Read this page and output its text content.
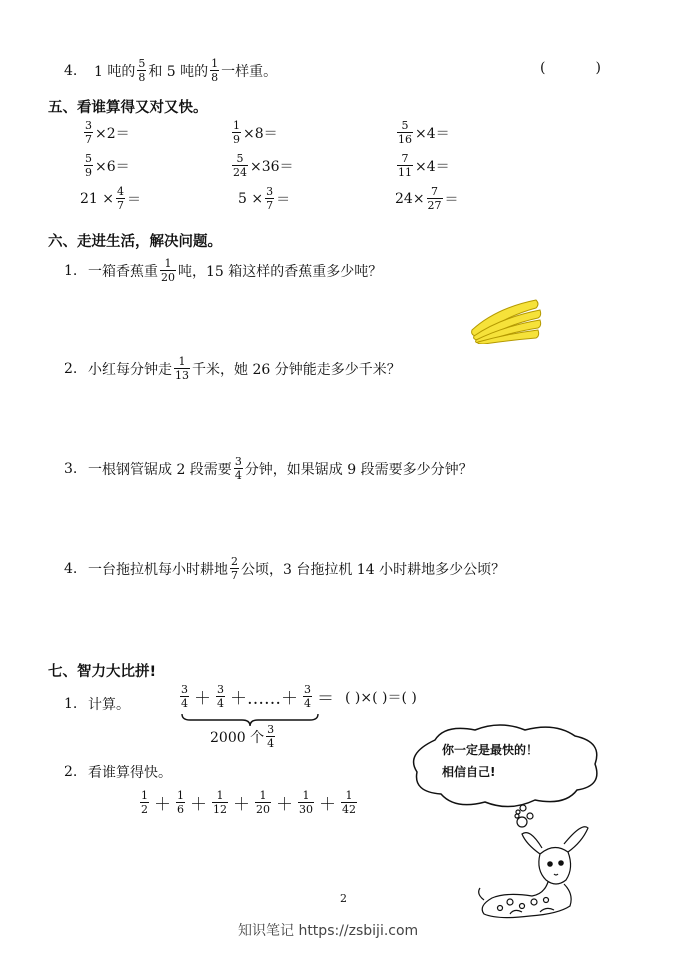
4.	1 吨的 $\frac{5}{8}$ 和 5 吨的 $\frac{1}{8}$ 一样重。	(	)
五、看谁算得又对又快。
$\frac{3}{7} \times 2=$	$\frac{1}{9} \times 8=$	$\frac{5}{16} \times 4=$
$\frac{5}{9} \times 6=$	$\frac{5}{24} \times 36=$	$\frac{7}{11} \times 4=$
$21 \times \frac{4}{7}$ ＝	$5 \times \frac{3}{7}$ ＝	$24\times \frac{7}{27}$ ＝
六、走进生活，解决问题。
1. 一箱香蕉重 $\frac{1}{20}$ 吨，15 箱这样的香蕉重多少吨？
2. 小红每分钟走 $\frac{1}{13}$ 千米，她 26 分钟能走多少千米？
3. 一根钢管锯成 2 段需要 $\frac{3}{4}$ 分钟，如果锯成 9 段需要多少分钟？
4. 一台拖拉机每小时耕地 $\frac{2}{7}$ 公顷，3 台拖拉机 14 小时耕地多少公顷？
七、智力大比拼!
1. 计算。	$\frac{3}{4} + \frac{3}{4}$ ＋……＋ $\frac{3}{4}$ ＝ ( )×( )＝( )
2000 个 $\frac{3}{4}$
你一定是最快的！
相信自己!
2. 看谁算得快。
$\frac{1}{2} + \frac{1}{6} + \frac{1}{12} + \frac{1}{20} + \frac{1}{30} + \frac{1}{42}$
2
知识笔记 https://zsbiji.com
